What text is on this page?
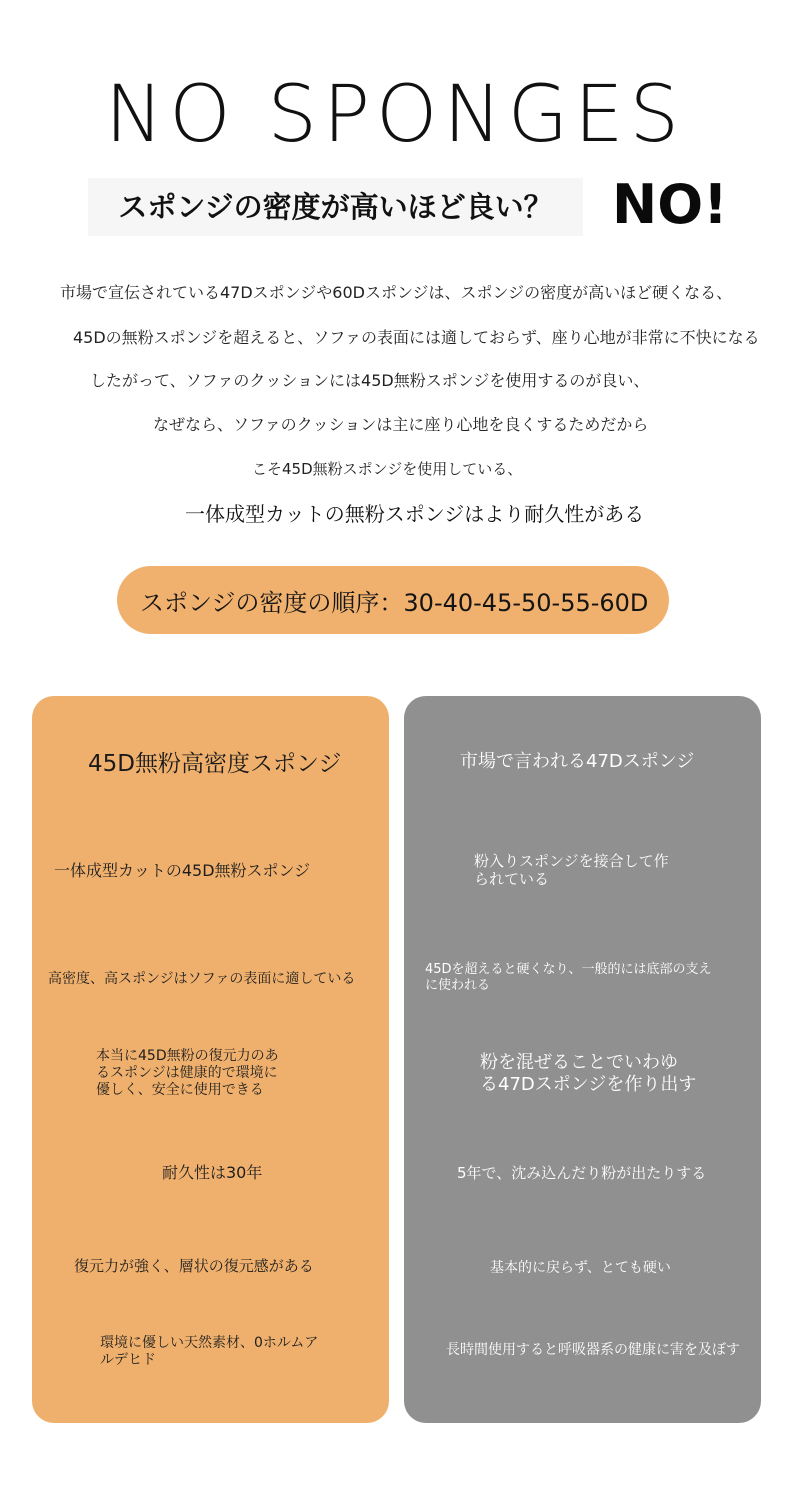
NO SPONGES
スポンジの密度が高いほど良い？	NO!
市場で宣伝されている47Dスポンジや60Dスポンジは、スポンジの密度が高いほど硬くなる、
45Dの無粉スポンジを超えると、ソファの表面には適しておらず、座り心地が非常に不快になる
したがって、ソファのクッションには45D無粉スポンジを使用するのが良い、
なぜなら、ソファのクッションは主に座り心地を良くするためだから
こそ45D無粉スポンジを使用している、
一体成型カットの無粉スポンジはより耐久性がある
スポンジの密度の順序：30-40-45-50-55-60D
45D無粉高密度スポンジ
一体成型カットの45D無粉スポンジ
高密度、高スポンジはソファの表面に適している
本当に45D無粉の復元力のあ
るスポンジは健康的で環境に
優しく、安全に使用できる
耐久性は30年
復元力が強く、層状の復元感がある
環境に優しい天然素材、0ホルムア
ルデヒド
市場で言われる47Dスポンジ
粉入りスポンジを接合して作
られている
45Dを超えると硬くなり、一般的には底部の支え
に使われる
粉を混ぜることでいわゆ
る47Dスポンジを作り出す
5年で、沈み込んだり粉が出たりする
基本的に戻らず、とても硬い
長時間使用すると呼吸器系の健康に害を及ぼす
